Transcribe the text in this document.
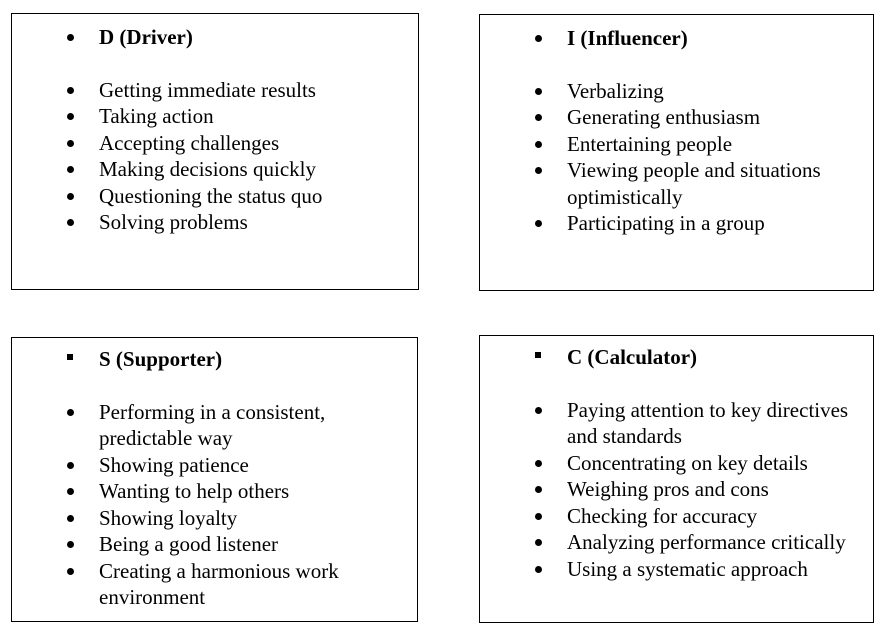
D (Driver)
Getting immediate results
Taking action
Accepting challenges
Making decisions quickly
Questioning the status quo
Solving problems
I (Influencer)
Verbalizing
Generating enthusiasm
Entertaining people
Viewing people and situations optimistically
Participating in a group
S (Supporter)
Performing in a consistent, predictable way
Showing patience
Wanting to help others
Showing loyalty
Being a good listener
Creating a harmonious work environment
C (Calculator)
Paying attention to key directives and standards
Concentrating on key details
Weighing pros and cons
Checking for accuracy
Analyzing performance critically
Using a systematic approach
